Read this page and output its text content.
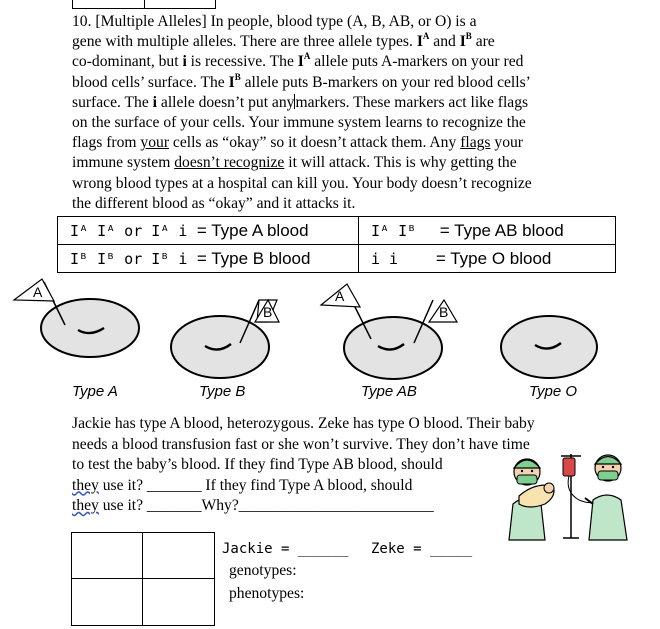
10. [Multiple Alleles] In people, blood type (A, B, AB, or O) is a

gene with multiple alleles. There are three allele types. $I^A$ and $I^B$ are

co-dominant, but i is recessive. The $I^A$ allele puts A-markers on your red

blood cells’ surface. The $I^B$ allele puts B-markers on your red blood cells’

surface. The i allele doesn’t put anymarkers. These markers act like flags

on the surface of your cells. Your immune system learns to recognize the

flags from your cells as “okay” so it doesn’t attack them. Any flags your

immune system doesn’t recognize it will attack. This is why getting the

wrong blood types at a hospital can kill you. Your body doesn’t recognize

the different blood as “okay” and it attacks it.

Iᴬ Iᴬ or Iᴬ i = Type A blood	Iᴬ Iᴮ = Type AB blood
Iᴮ Iᴮ or Iᴮ i = Type B blood	i i = Type O blood
A
B
A
B
Type A	Type B	Type AB	Type O

Jackie has type A blood, heterozygous. Zeke has type O blood. Their baby

needs a blood transfusion fast or she won’t survive. They don’t have time

to test the baby’s blood. If they find Type AB blood, should

they use it? _______ If they find Type A blood, should

they use it? _______Why?_________________________

Jackie = ______ Zeke = _____
genotypes:
phenotypes:
